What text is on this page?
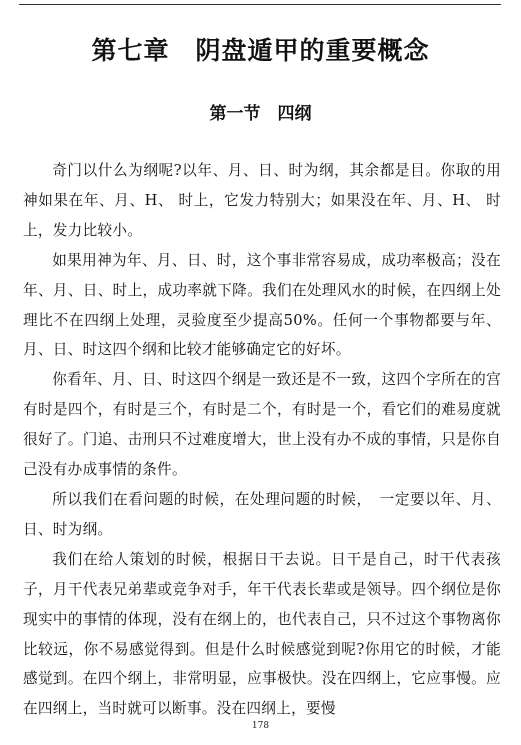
第七章　阴盘遁甲的重要概念
第一节　四纲

奇门以什么为纲呢?以年、月、日、时为纲，其余都是目。你取的用神如果在年、月、H、 时上，它发力特别大；如果没在年、月、H、 时上，发力比较小。

如果用神为年、月、日、时，这个事非常容易成，成功率极高；没在年、月、日、时上，成功率就下降。我们在处理风水的时候，在四纲上处理比不在四纲上处理，灵验度至少提高50%。任何一个事物都要与年、月、日、时这四个纲和比较才能够确定它的好坏。

你看年、月、日、时这四个纲是一致还是不一致，这四个字所在的宫有时是四个，有时是三个，有时是二个，有时是一个，看它们的难易度就很好了。门追、击刑只不过难度增大，世上没有办不成的事情，只是你自己没有办成事情的条件。

所以我们在看问题的时候，在处理问题的时候，　一定要以年、月、日、时为纲。

我们在给人策划的时候，根据日干去说。日干是自己，时干代表孩子，月干代表兄弟辈或竞争对手，年干代表长辈或是领导。四个纲位是你现实中的事情的体现，没有在纲上的，也代表自己，只不过这个事物离你比较远，你不易感觉得到。但是什么时候感觉到呢?你用它的时候，才能感觉到。在四个纲上，非常明显，应事极快。没在四纲上，它应事慢。应在四纲上，当时就可以断事。没在四纲上，要慢

178
